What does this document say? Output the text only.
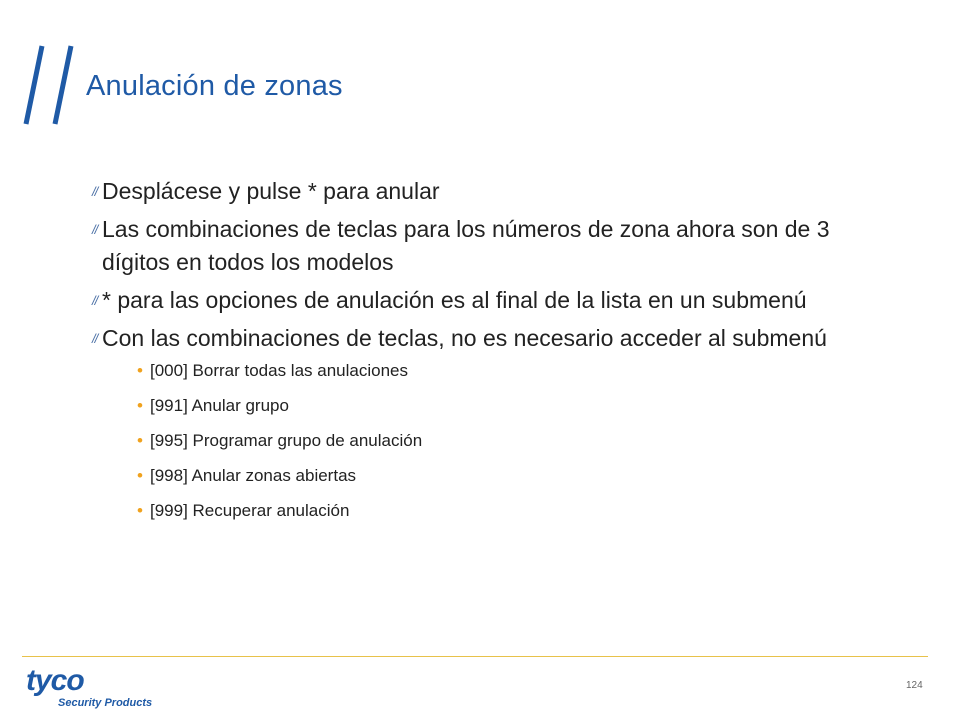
Anulación de zonas
// Desplácese y pulse * para anular
// Las combinaciones de teclas para los números de zona ahora son de 3 dígitos en todos los modelos
// * para las opciones de anulación es al final de la lista en un submenú
// Con las combinaciones de teclas, no es necesario acceder al submenú
• [000] Borrar todas las anulaciones
• [991] Anular grupo
• [995] Programar grupo de anulación
• [998] Anular zonas abiertas
• [999] Recuperar anulación
tyco
Security Products
124
